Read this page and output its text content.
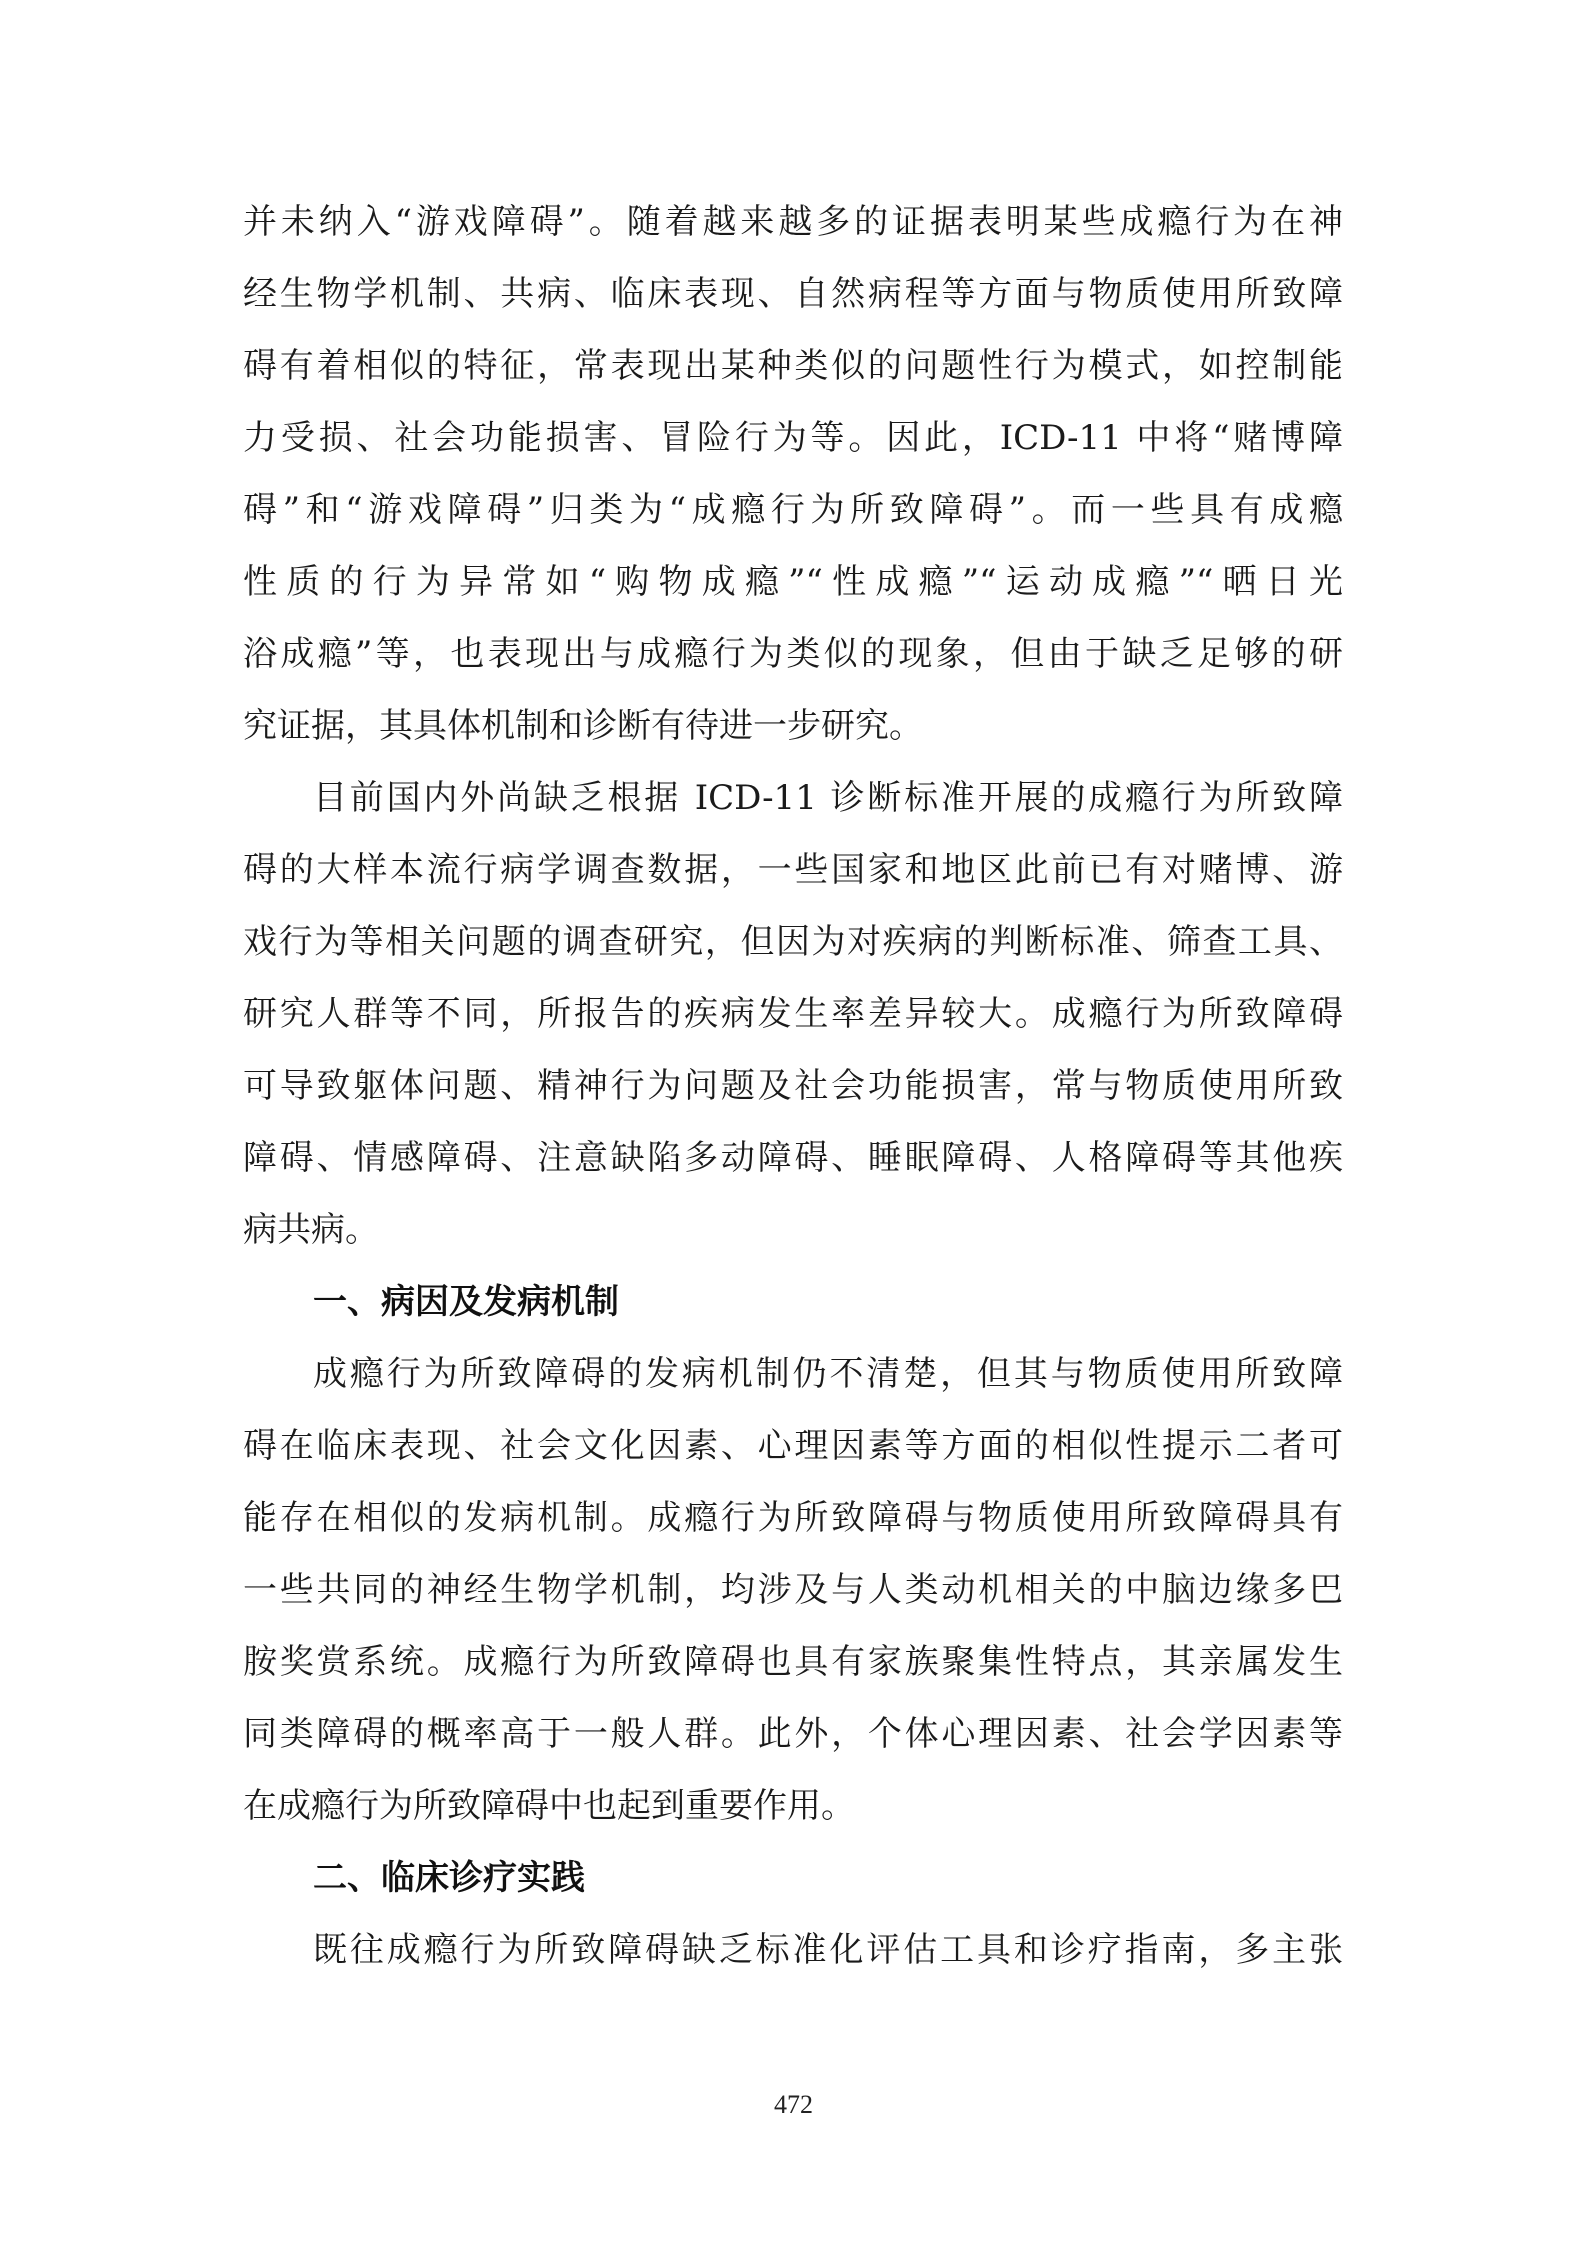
并未纳入“游戏障碍”。随着越来越多的证据表明某些成瘾行为在神
经生物学机制、共病、临床表现、自然病程等方面与物质使用所致障
碍有着相似的特征，常表现出某种类似的问题性行为模式，如控制能
力受损、社会功能损害、冒险行为等。因此，ICD-11 中将“赌博障
碍”和“游戏障碍”归类为“成瘾行为所致障碍”。而一些具有成瘾
性质的行为异常如“购物成瘾”“性成瘾”“运动成瘾”“晒日光
浴成瘾”等，也表现出与成瘾行为类似的现象，但由于缺乏足够的研
究证据，其具体机制和诊断有待进一步研究。
目前国内外尚缺乏根据 ICD-11 诊断标准开展的成瘾行为所致障
碍的大样本流行病学调查数据，一些国家和地区此前已有对赌博、游
戏行为等相关问题的调查研究，但因为对疾病的判断标准、筛查工具、
研究人群等不同，所报告的疾病发生率差异较大。成瘾行为所致障碍
可导致躯体问题、精神行为问题及社会功能损害，常与物质使用所致
障碍、情感障碍、注意缺陷多动障碍、睡眠障碍、人格障碍等其他疾
病共病。
一、病因及发病机制
成瘾行为所致障碍的发病机制仍不清楚，但其与物质使用所致障
碍在临床表现、社会文化因素、心理因素等方面的相似性提示二者可
能存在相似的发病机制。成瘾行为所致障碍与物质使用所致障碍具有
一些共同的神经生物学机制，均涉及与人类动机相关的中脑边缘多巴
胺奖赏系统。成瘾行为所致障碍也具有家族聚集性特点，其亲属发生
同类障碍的概率高于一般人群。此外，个体心理因素、社会学因素等
在成瘾行为所致障碍中也起到重要作用。
二、临床诊疗实践
既往成瘾行为所致障碍缺乏标准化评估工具和诊疗指南，多主张
472
